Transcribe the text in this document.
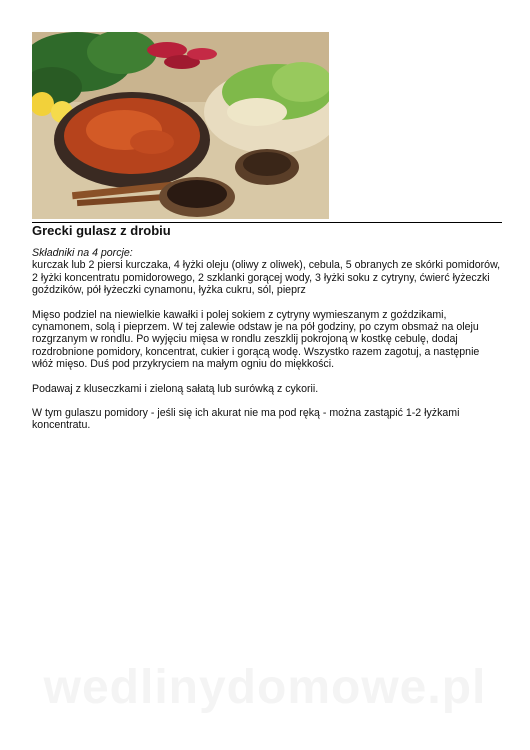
Grecki gulasz z drobiu

Składniki na 4 porcje:
kurczak lub 2 piersi kurczaka, 4 łyżki oleju (oliwy z oliwek), cebula, 5 obranych ze skórki pomidorów, 2 łyżki koncentratu pomidorowego, 2 szklanki gorącej wody, 3 łyżki soku z cytryny, ćwierć łyżeczki goździków, pół łyżeczki cynamonu, łyżka cukru, sól, pieprz

Mięso podziel na niewielkie kawałki i polej sokiem z cytryny wymieszanym z goździkami, cynamonem, solą i pieprzem. W tej zalewie odstaw je na pół godziny, po czym obsmaż na oleju rozgrzanym w rondlu. Po wyjęciu mięsa w rondlu zeszklij pokrojoną w kostkę cebulę, dodaj rozdrobnione pomidory, koncentrat, cukier i gorącą wodę. Wszystko razem zagotuj, a następnie włóż mięso. Duś pod przykryciem na małym ogniu do miękkości.

Podawaj z kluseczkami i zieloną sałatą lub surówką z cykorii.

W tym gulaszu pomidory - jeśli się ich akurat nie ma pod ręką - można zastąpić 1-2 łyżkami koncentratu.

wedlinydomowe.pl
